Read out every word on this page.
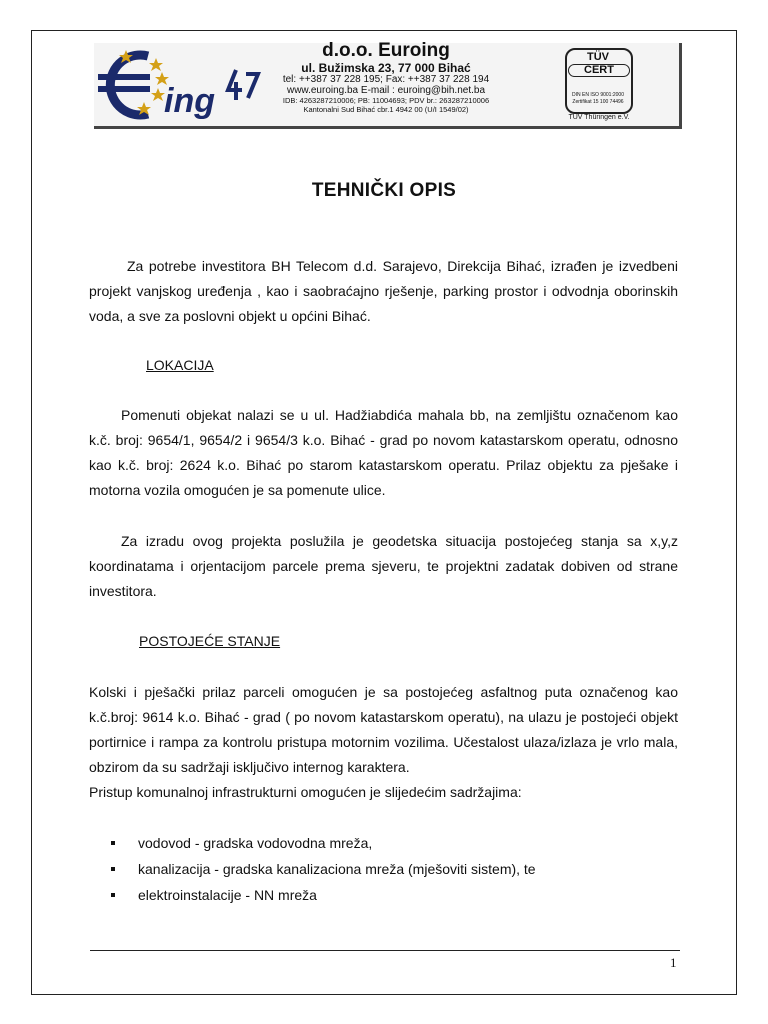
ing
d.o.o. Euroing
ul. Bužimska 23, 77 000 Bihać
tel: ++387 37 228 195; Fax: ++387 37 228 194
www.euroing.ba E-mail : euroing@bih.net.ba
IDB: 4263287210006; PB: 11004693; PDV br.: 263287210006
Kantonalni Sud Bihać cbr.1 4942 00 (U/I 1549/02)
TÜV
CERT
DIN EN ISO 9001:2000
Zertifikat 15 100 74496
TÜV Thüringen e.V.
TEHNIČKI OPIS
Za potrebe investitora BH Telecom d.d. Sarajevo, Direkcija Bihać, izrađen je izvedbeni projekt vanjskog uređenja , kao i saobraćajno rješenje, parking prostor i odvodnja oborinskih voda, a sve za poslovni objekt u općini Bihać.
LOKACIJA
Pomenuti objekat nalazi se u ul. Hadžiabdića mahala bb, na zemljištu označenom kao k.č. broj: 9654/1, 9654/2 i 9654/3 k.o. Bihać - grad po novom katastarskom operatu, odnosno kao k.č. broj: 2624 k.o. Bihać po starom katastarskom operatu. Prilaz objektu za pješake i motorna vozila omogućen je sa pomenute ulice.
Za izradu ovog projekta poslužila je geodetska situacija postojećeg stanja sa x,y,z koordinatama i orjentacijom parcele prema sjeveru, te projektni zadatak dobiven od strane investitora.
POSTOJEĆE STANJE
Kolski i pješački prilaz parceli omogućen je sa postojećeg asfaltnog puta označenog kao k.č.broj: 9614 k.o. Bihać - grad ( po novom katastarskom operatu), na ulazu je postojeći objekt portirnice i rampa za kontrolu pristupa motornim vozilima. Učestalost ulaza/izlaza je vrlo mala, obzirom da su sadržaji isključivo internog karaktera.
Pristup komunalnoj infrastrukturni omogućen je slijedećim sadržajima:
vodovod - gradska vodovodna mreža,
kanalizacija - gradska kanalizaciona mreža (mješoviti sistem), te
elektroinstalacije - NN mreža
1
